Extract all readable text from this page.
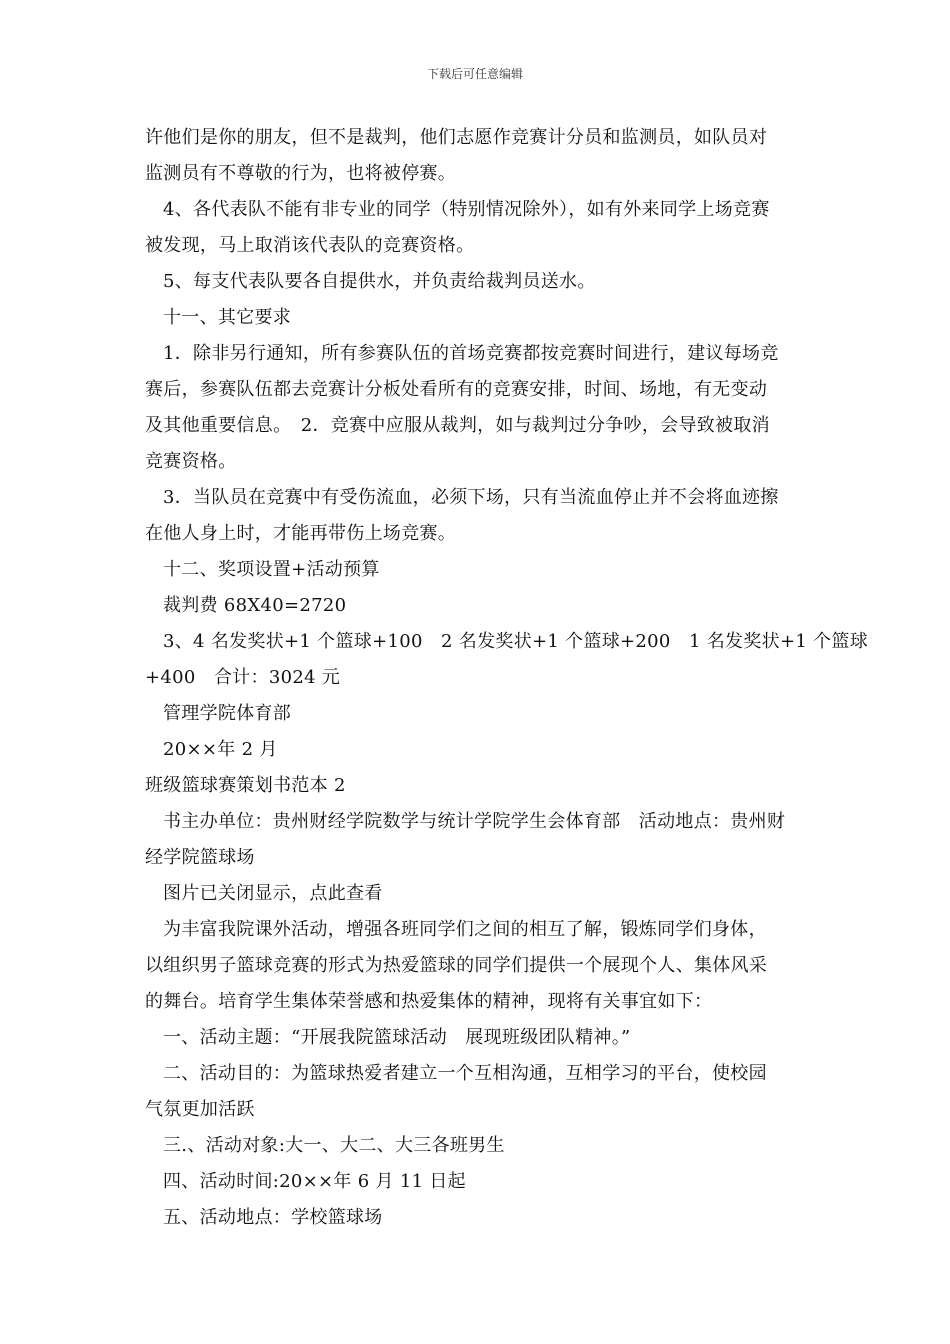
下载后可任意编辑
许他们是你的朋友，但不是裁判，他们志愿作竞赛计分员和监测员，如队员对
监测员有不尊敬的行为，也将被停赛。
4、各代表队不能有非专业的同学（特别情况除外），如有外来同学上场竞赛
被发现，马上取消该代表队的竞赛资格。
5、每支代表队要各自提供水，并负责给裁判员送水。
十一、其它要求
1．除非另行通知，所有参赛队伍的首场竞赛都按竞赛时间进行，建议每场竞
赛后，参赛队伍都去竞赛计分板处看所有的竞赛安排，时间、场地，有无变动
及其他重要信息。　2．竞赛中应服从裁判，如与裁判过分争吵，会导致被取消
竞赛资格。
3．当队员在竞赛中有受伤流血，必须下场，只有当流血停止并不会将血迹擦
在他人身上时，才能再带伤上场竞赛。
十二、奖项设置+活动预算
裁判费 68X40=2720
3、4 名发奖状+1 个篮球+100　2 名发奖状+1 个篮球+200　1 名发奖状+1 个篮球
+400　合计：3024 元
管理学院体育部
20××年 2 月
班级篮球赛策划书范本 2
书主办单位：贵州财经学院数学与统计学院学生会体育部　活动地点：贵州财
经学院篮球场
图片已关闭显示，点此查看
为丰富我院课外活动，增强各班同学们之间的相互了解，锻炼同学们身体，
以组织男子篮球竞赛的形式为热爱篮球的同学们提供一个展现个人、集体风采
的舞台。培育学生集体荣誉感和热爱集体的精神，现将有关事宜如下：
一、活动主题：“开展我院篮球活动　展现班级团队精神。”
二、活动目的：为篮球热爱者建立一个互相沟通，互相学习的平台，使校园
气氛更加活跃
三.、活动对象:大一、大二、大三各班男生
四、活动时间:20××年 6 月 11 日起
五、活动地点：学校篮球场
